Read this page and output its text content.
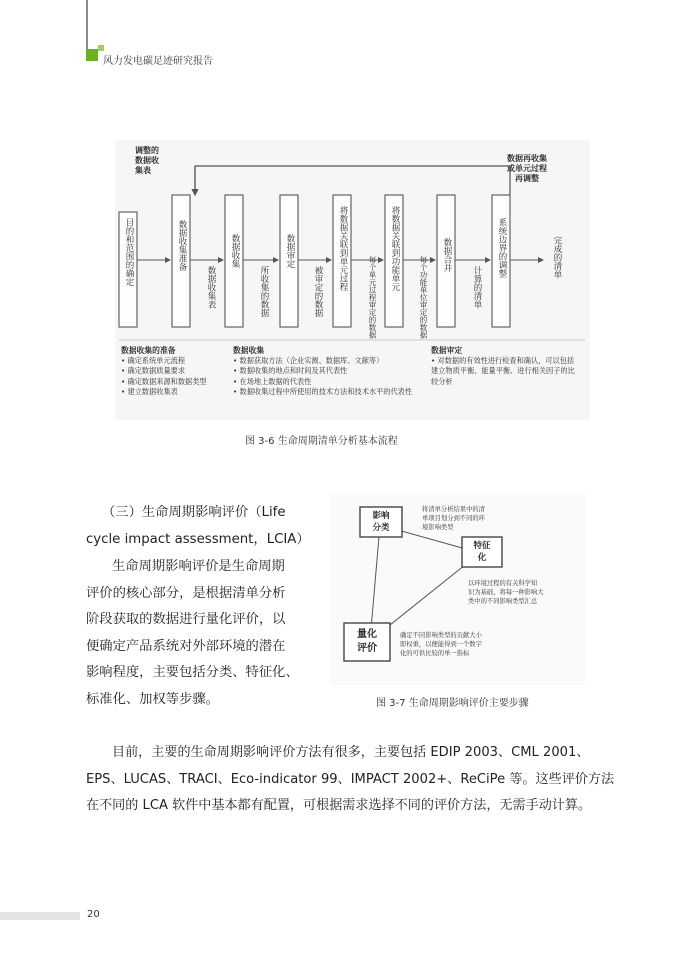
风力发电碳足迹研究报告
调整的
数据收
集表
数据再收集
或单元过程
再调整
目的和范围的确定	数据收集准备	数据收集	数据审定	将数据关联到单元过程	将数据关联到功能单元	数据合并	系统边界的调整
数据收集表	所收集的数据	被审定的数据	每个单元过程审定的数据	每个功能单位审定的数据	计算的清单
完成的清单
数据收集的准备
• 确定系统单元流程
• 确定数据质量要求
• 确定数据来源和数据类型
• 建立数据收集表
数据收集
• 数据获取方法（企业实测、数据库、文献等）
• 数据收集的地点和时间及其代表性
• 在场地上数据的代表性
• 数据收集过程中所使用的技术方法和技术水平的代表性
数据审定
• 对数据的有效性进行检查和确认，可以包括建立物质平衡、能量平衡、进行相关因子的比较分析
图 3-6 生命周期清单分析基本流程
（三）生命周期影响评价（Life
cycle impact assessment，LCIA）
生命周期影响评价是生命周期
评价的核心部分，是根据清单分析
阶段获取的数据进行量化评价，以
便确定产品系统对外部环境的潜在
影响程度，主要包括分类、特征化、
标准化、加权等步骤。
影响
分类
特征
化
量化
评价
将清单分析结果中的清
单项目划分到不同的环
境影响类型
以环境过程的有关科学知
识为基础，将每一种影响大
类中的不同影响类型汇总
确定不同影响类型的贡献大小
即权重，以便能得到一个数字
化的可供比较的单一指标
图 3-7 生命周期影响评价主要步骤
目前，主要的生命周期影响评价方法有很多，主要包括 EDIP 2003、CML 2001、
EPS、LUCAS、TRACI、Eco-indicator 99、IMPACT 2002+、ReCiPe 等。这些评价方法
在不同的 LCA 软件中基本都有配置，可根据需求选择不同的评价方法，无需手动计算。
20
